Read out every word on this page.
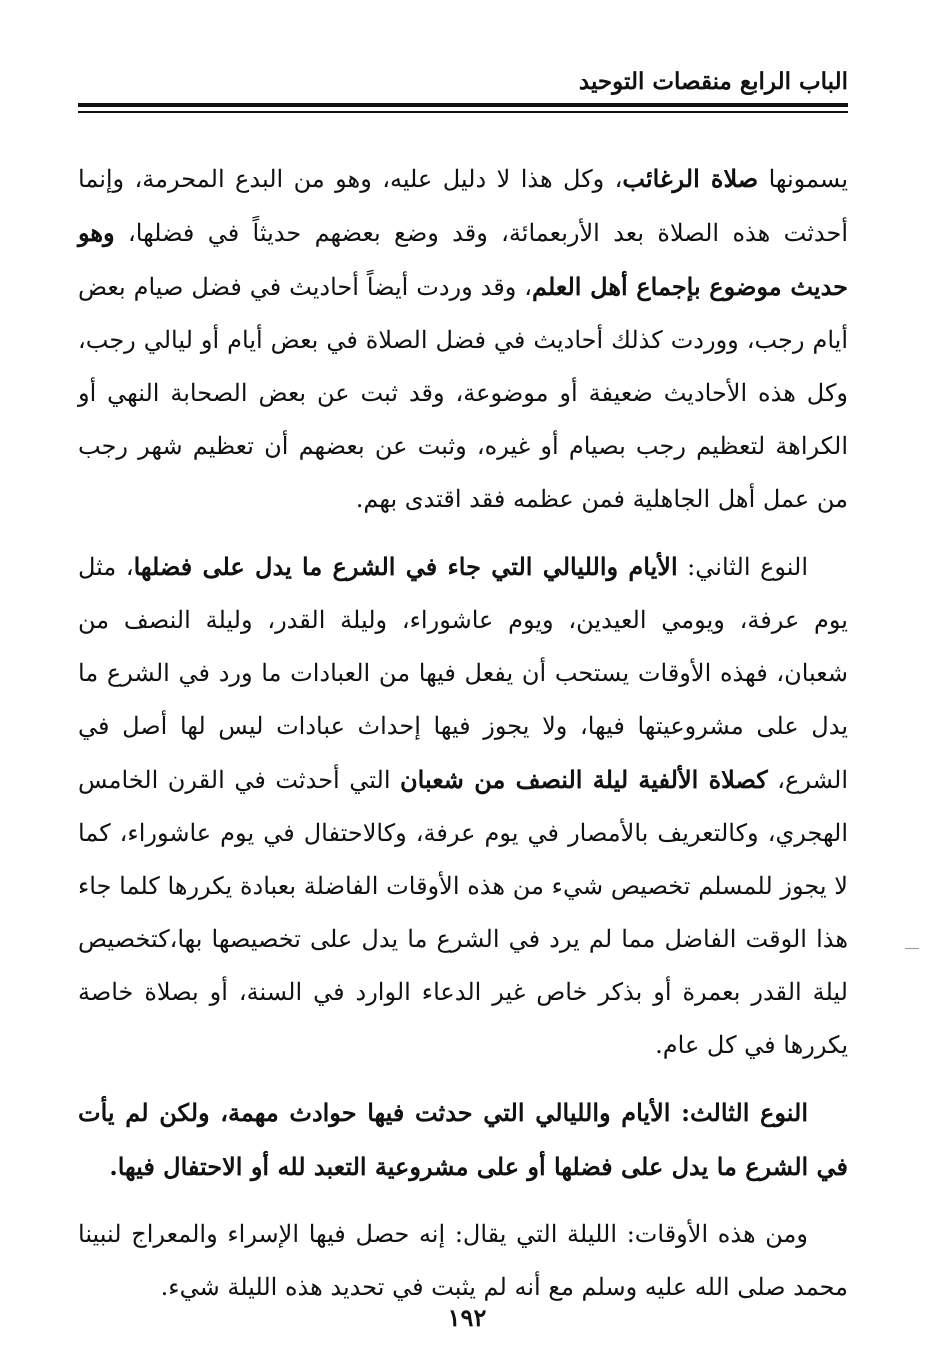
الباب الرابع منقصات التوحيد

يسمونها صلاة الرغائب، وكل هذا لا دليل عليه، وهو من البدع المحرمة، وإنما أحدثت هذه الصلاة بعد الأربعمائة، وقد وضع بعضهم حديثاً في فضلها، وهو حديث موضوع بإجماع أهل العلم، وقد وردت أيضاً أحاديث في فضل صيام بعض أيام رجب، ووردت كذلك أحاديث في فضل الصلاة في بعض أيام أو ليالي رجب، وكل هذه الأحاديث ضعيفة أو موضوعة، وقد ثبت عن بعض الصحابة النهي أو الكراهة لتعظيم رجب بصيام أو غيره، وثبت عن بعضهم أن تعظيم شهر رجب من عمل أهل الجاهلية فمن عظمه فقد اقتدى بهم.

النوع الثاني: الأيام والليالي التي جاء في الشرع ما يدل على فضلها، مثل يوم عرفة، ويومي العيدين، ويوم عاشوراء، وليلة القدر، وليلة النصف من شعبان، فهذه الأوقات يستحب أن يفعل فيها من العبادات ما ورد في الشرع ما يدل على مشروعيتها فيها، ولا يجوز فيها إحداث عبادات ليس لها أصل في الشرع، كصلاة الألفية ليلة النصف من شعبان التي أحدثت في القرن الخامس الهجري، وكالتعريف بالأمصار في يوم عرفة، وكالاحتفال في يوم عاشوراء، كما لا يجوز للمسلم تخصيص شيء من هذه الأوقات الفاضلة بعبادة يكررها كلما جاء هذا الوقت الفاضل مما لم يرد في الشرع ما يدل على تخصيصها بها،كتخصيص ليلة القدر بعمرة أو بذكر خاص غير الدعاء الوارد في السنة، أو بصلاة خاصة يكررها في كل عام.

النوع الثالث: الأيام والليالي التي حدثت فيها حوادث مهمة، ولكن لم يأت في الشرع ما يدل على فضلها أو على مشروعية التعبد لله أو الاحتفال فيها.

ومن هذه الأوقات: الليلة التي يقال: إنه حصل فيها الإسراء والمعراج لنبينا محمد صلى الله عليه وسلم مع أنه لم يثبت في تحديد هذه الليلة شيء.

١٩٢
